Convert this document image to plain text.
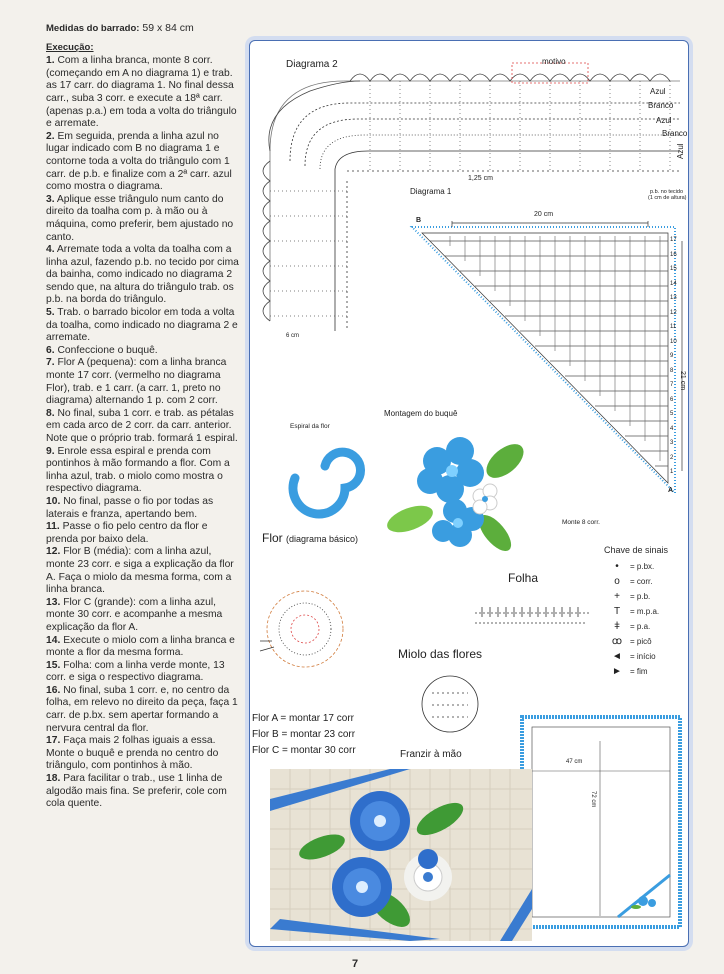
Medidas do barrado: 59 x 84 cm
Execução:

1. Com a linha branca, monte 8 corr. (começando em A no diagrama 1) e trab. as 17 carr. do diagrama 1. No final dessa carr., suba 3 corr. e execute a 18ª carr. (apenas p.a.) em toda a volta do triângulo e arremate.

2. Em seguida, prenda a linha azul no lugar indicado com B no diagrama 1 e contorne toda a volta do triângulo com 1 carr. de p.b. e finalize com a 2ª carr. azul como mostra o diagrama.

3. Aplique esse triângulo num canto do direito da toalha com p. à mão ou à máquina, como preferir, bem ajustado no canto.

4. Arremate toda a volta da toalha com a linha azul, fazendo p.b. no tecido por cima da bainha, como indicado no diagrama 2 sendo que, na altura do triângulo trab. os p.b. na borda do triângulo.

5. Trab. o barrado bicolor em toda a volta da toalha, como indicado no diagrama 2 e arremate.

6. Confeccione o buquê.

7. Flor A (pequena): com a linha branca monte 17 corr. (vermelho no diagrama Flor), trab. e 1 carr. (a carr. 1, preto no diagrama) alternando 1 p. com 2 corr.

8. No final, suba 1 corr. e trab. as pétalas em cada arco de 2 corr. da carr. anterior. Note que o próprio trab. formará 1 espiral.

9. Enrole essa espiral e prenda com pontinhos à mão formando a flor. Com a linha azul, trab. o miolo como mostra o respectivo diagrama.

10. No final, passe o fio por todas as laterais e franza, apertando bem.

11. Passe o fio pelo centro da flor e prenda por baixo dela.

12. Flor B (média): com a linha azul, monte 23 corr. e siga a explicação da flor A. Faça o miolo da mesma forma, com a linha branca.

13. Flor C (grande): com a linha azul, monte 30 corr. e acompanhe a mesma explicação da flor A.

14. Execute o miolo com a linha branca e monte a flor da mesma forma.

15. Folha: com a linha verde monte, 13 corr. e siga o respectivo diagrama.

16. No final, suba 1 corr. e, no centro da folha, em relevo no direito da peça, faça 1 carr. de p.bx. sem apertar formando a nervura central da flor.

17. Faça mais 2 folhas iguais a essa. Monte o buquê e prenda no centro do triângulo, com pontinhos à mão.

18. Para facilitar o trab., use 1 linha de algodão mais fina. Se preferir, cole com cola quente.

Diagrama 2	motivo
Azul
Branco
Azul
Branco
Azul
1,25 cm
6 cm
p.b. no tecido
(1 cm de altura)
Diagrama 1
20 cm
21 cm
Monte 8 corr.
A
B
17
16
15
14
13
12
11
10
9
8
7
6
5
4
3
2
1
Espiral da flor
Montagem do buquê
Flor (diagrama básico)
Folha
Miolo das flores
Franzir à mão
Flor A = montar 17 corr
Flor B = montar 23 corr
Flor C = montar 30 corr
47 cm
72 cm
Chave de sinais
•	= p.bx.
o	= corr.
+	= p.b.
T	= m.p.a.
ǂ	= p.a.
ꝏ = picô
◄	= início
►	= fim
7
